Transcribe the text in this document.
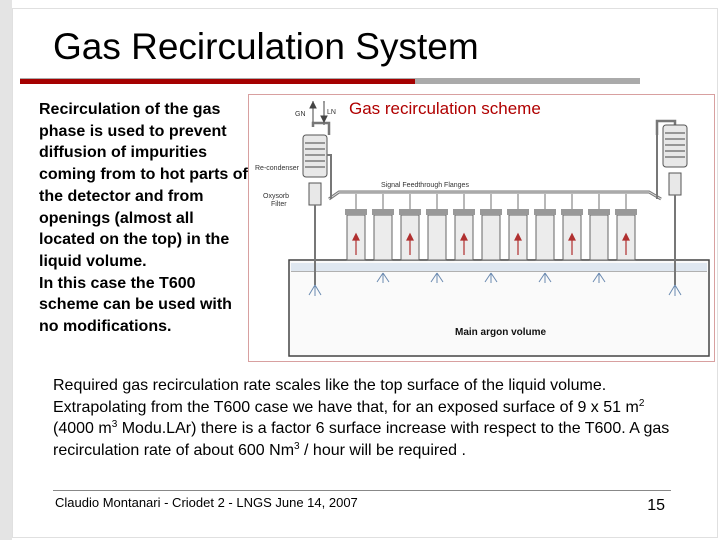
Gas Recirculation System
Recirculation of the gas phase is used to prevent diffusion of impurities coming from to hot parts of the detector and from openings (almost all located on the top) in the liquid volume.
In this case the T600 scheme can be used with no modifications.
Gas recirculation scheme
Re-condenser
Oxysorb
Filter
Signal Feedthrough Flanges
GN	LN
Main argon volume
Required gas recirculation rate scales like the top surface of the liquid volume. Extrapolating from the T600 case we have that, for an exposed surface of 9 x 51 $m^2$ (4000 $m^3$ Modu.LAr) there is a factor 6 surface increase with respect to the T600. A gas recirculation rate of about 600 Nm$^3$ / hour will be required .
Claudio Montanari - Criodet 2 - LNGS June 14, 2007	15
